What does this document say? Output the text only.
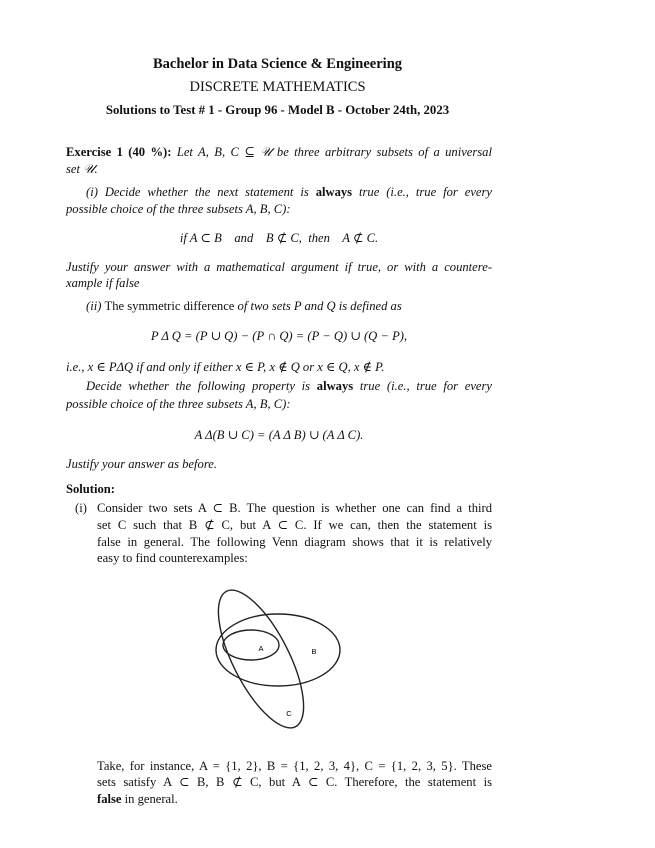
Bachelor in Data Science & Engineering
DISCRETE MATHEMATICS
Solutions to Test # 1 - Group 96 - Model B - October 24th, 2023
Exercise 1 (40 %): Let A, B, C ⊆ 𝒰 be three arbitrary subsets of a universal
set 𝒰.
(i) Decide whether the next statement is always true (i.e., true for every
possible choice of the three subsets A, B, C):
if A ⊂ B    and    B ⊄ C,  then    A ⊄ C.
Justify your answer with a mathematical argument if true, or with a countere-
xample if false
(ii) The symmetric difference of two sets P and Q is defined as
P Δ Q = (P ∪ Q) − (P ∩ Q) = (P − Q) ∪ (Q − P),
i.e., x ∈ PΔQ if and only if either x ∈ P, x ∉ Q or x ∈ Q, x ∉ P.
Decide whether the following property is always true (i.e., true for every
possible choice of the three subsets A, B, C):
A Δ(B ∪ C) = (A Δ B) ∪ (A Δ C).
Justify your answer as before.
Solution:
(i) Consider two sets A ⊂ B. The question is whether one can find a third
set C such that B ⊄ C, but A ⊂ C. If we can, then the statement is
false in general. The following Venn diagram shows that it is relatively
easy to find counterexamples:
A	B
C
Take, for instance, A = {1, 2}, B = {1, 2, 3, 4}, C = {1, 2, 3, 5}. These
sets satisfy A ⊂ B, B ⊄ C, but A ⊂ C. Therefore, the statement is
false in general.
